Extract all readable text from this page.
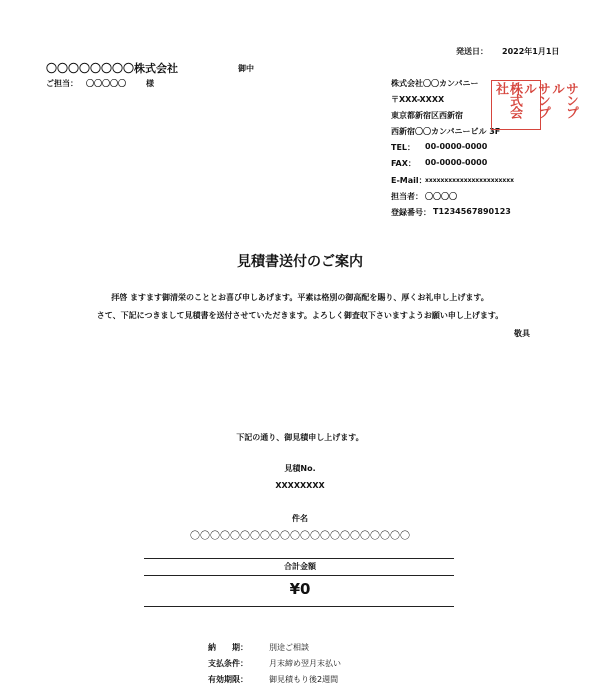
発送日： 2022年1月1日
〇〇〇〇〇〇〇〇株式会社	御中
ご担当： 〇〇〇〇〇	様	株式会社〇〇カンパニー
〒XXX-XXXX
東京都新宿区西新宿
西新宿〇〇カンパニービル 3F
TEL： 00-0000-0000
FAX： 00-0000-0000
E-Mail：
xxxxxxxxxxxxxxxxxxxxxxx
担当者： 〇〇〇〇
登録番号： T1234567890123
サンプル
サンプル
株式会社
見積書送付のご案内
拝啓 ますます御清栄のこととお喜び申しあげます。平素は格別の御高配を賜り、厚くお礼申し上げます。
さて、下記につきまして見積書を送付させていただきます。よろしく御査収下さいますようお願い申し上げます。
敬具
下記の通り、御見積申し上げます。
見積No.
XXXXXXXX
件名
〇〇〇〇〇〇〇〇〇〇〇〇〇〇〇〇〇〇〇〇〇〇
合計金額
¥0
納　　期：	別途ご相談
支払条件：	月末締め翌月末払い
有効期限：	御見積もり後2週間
